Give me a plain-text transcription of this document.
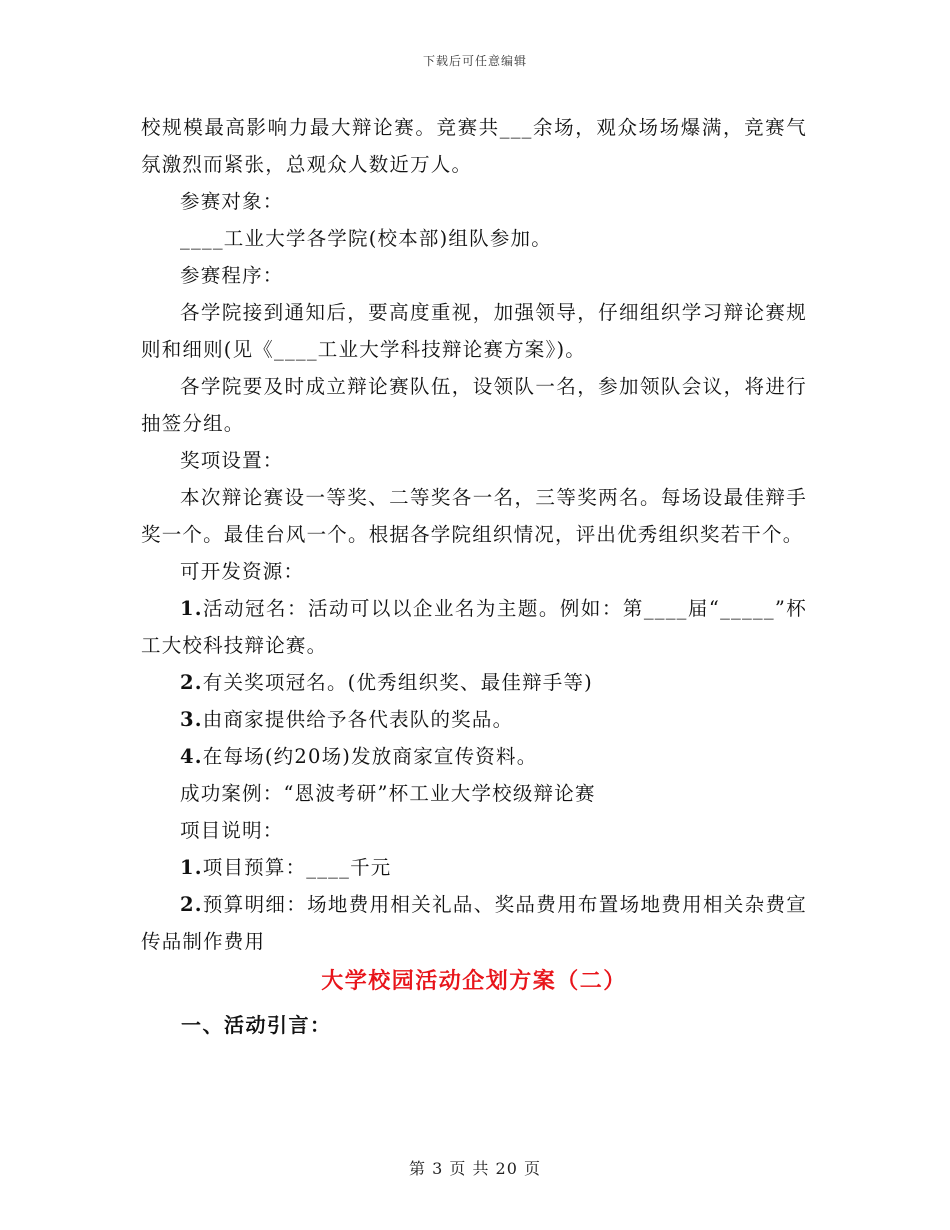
下载后可任意编辑

校规模最高影响力最大辩论赛。竞赛共___余场，观众场场爆满，竞赛气氛激烈而紧张，总观众人数近万人。

参赛对象：

____工业大学各学院(校本部)组队参加。

参赛程序：

各学院接到通知后，要高度重视，加强领导，仔细组织学习辩论赛规则和细则(见《____工业大学科技辩论赛方案》)。

各学院要及时成立辩论赛队伍，设领队一名，参加领队会议，将进行抽签分组。

奖项设置：

本次辩论赛设一等奖、二等奖各一名，三等奖两名。每场设最佳辩手奖一个。最佳台风一个。根据各学院组织情况，评出优秀组织奖若干个。

可开发资源：

1.活动冠名：活动可以以企业名为主题。例如：第____届“_____”杯工大校科技辩论赛。

2.有关奖项冠名。(优秀组织奖、最佳辩手等)

3.由商家提供给予各代表队的奖品。

4.在每场(约20场)发放商家宣传资料。

成功案例：“恩波考研”杯工业大学校级辩论赛

项目说明：

1.项目预算：____千元

2.预算明细：场地费用相关礼品、奖品费用布置场地费用相关杂费宣传品制作费用

大学校园活动企划方案（二）
一、活动引言：
第 3 页 共 20 页
